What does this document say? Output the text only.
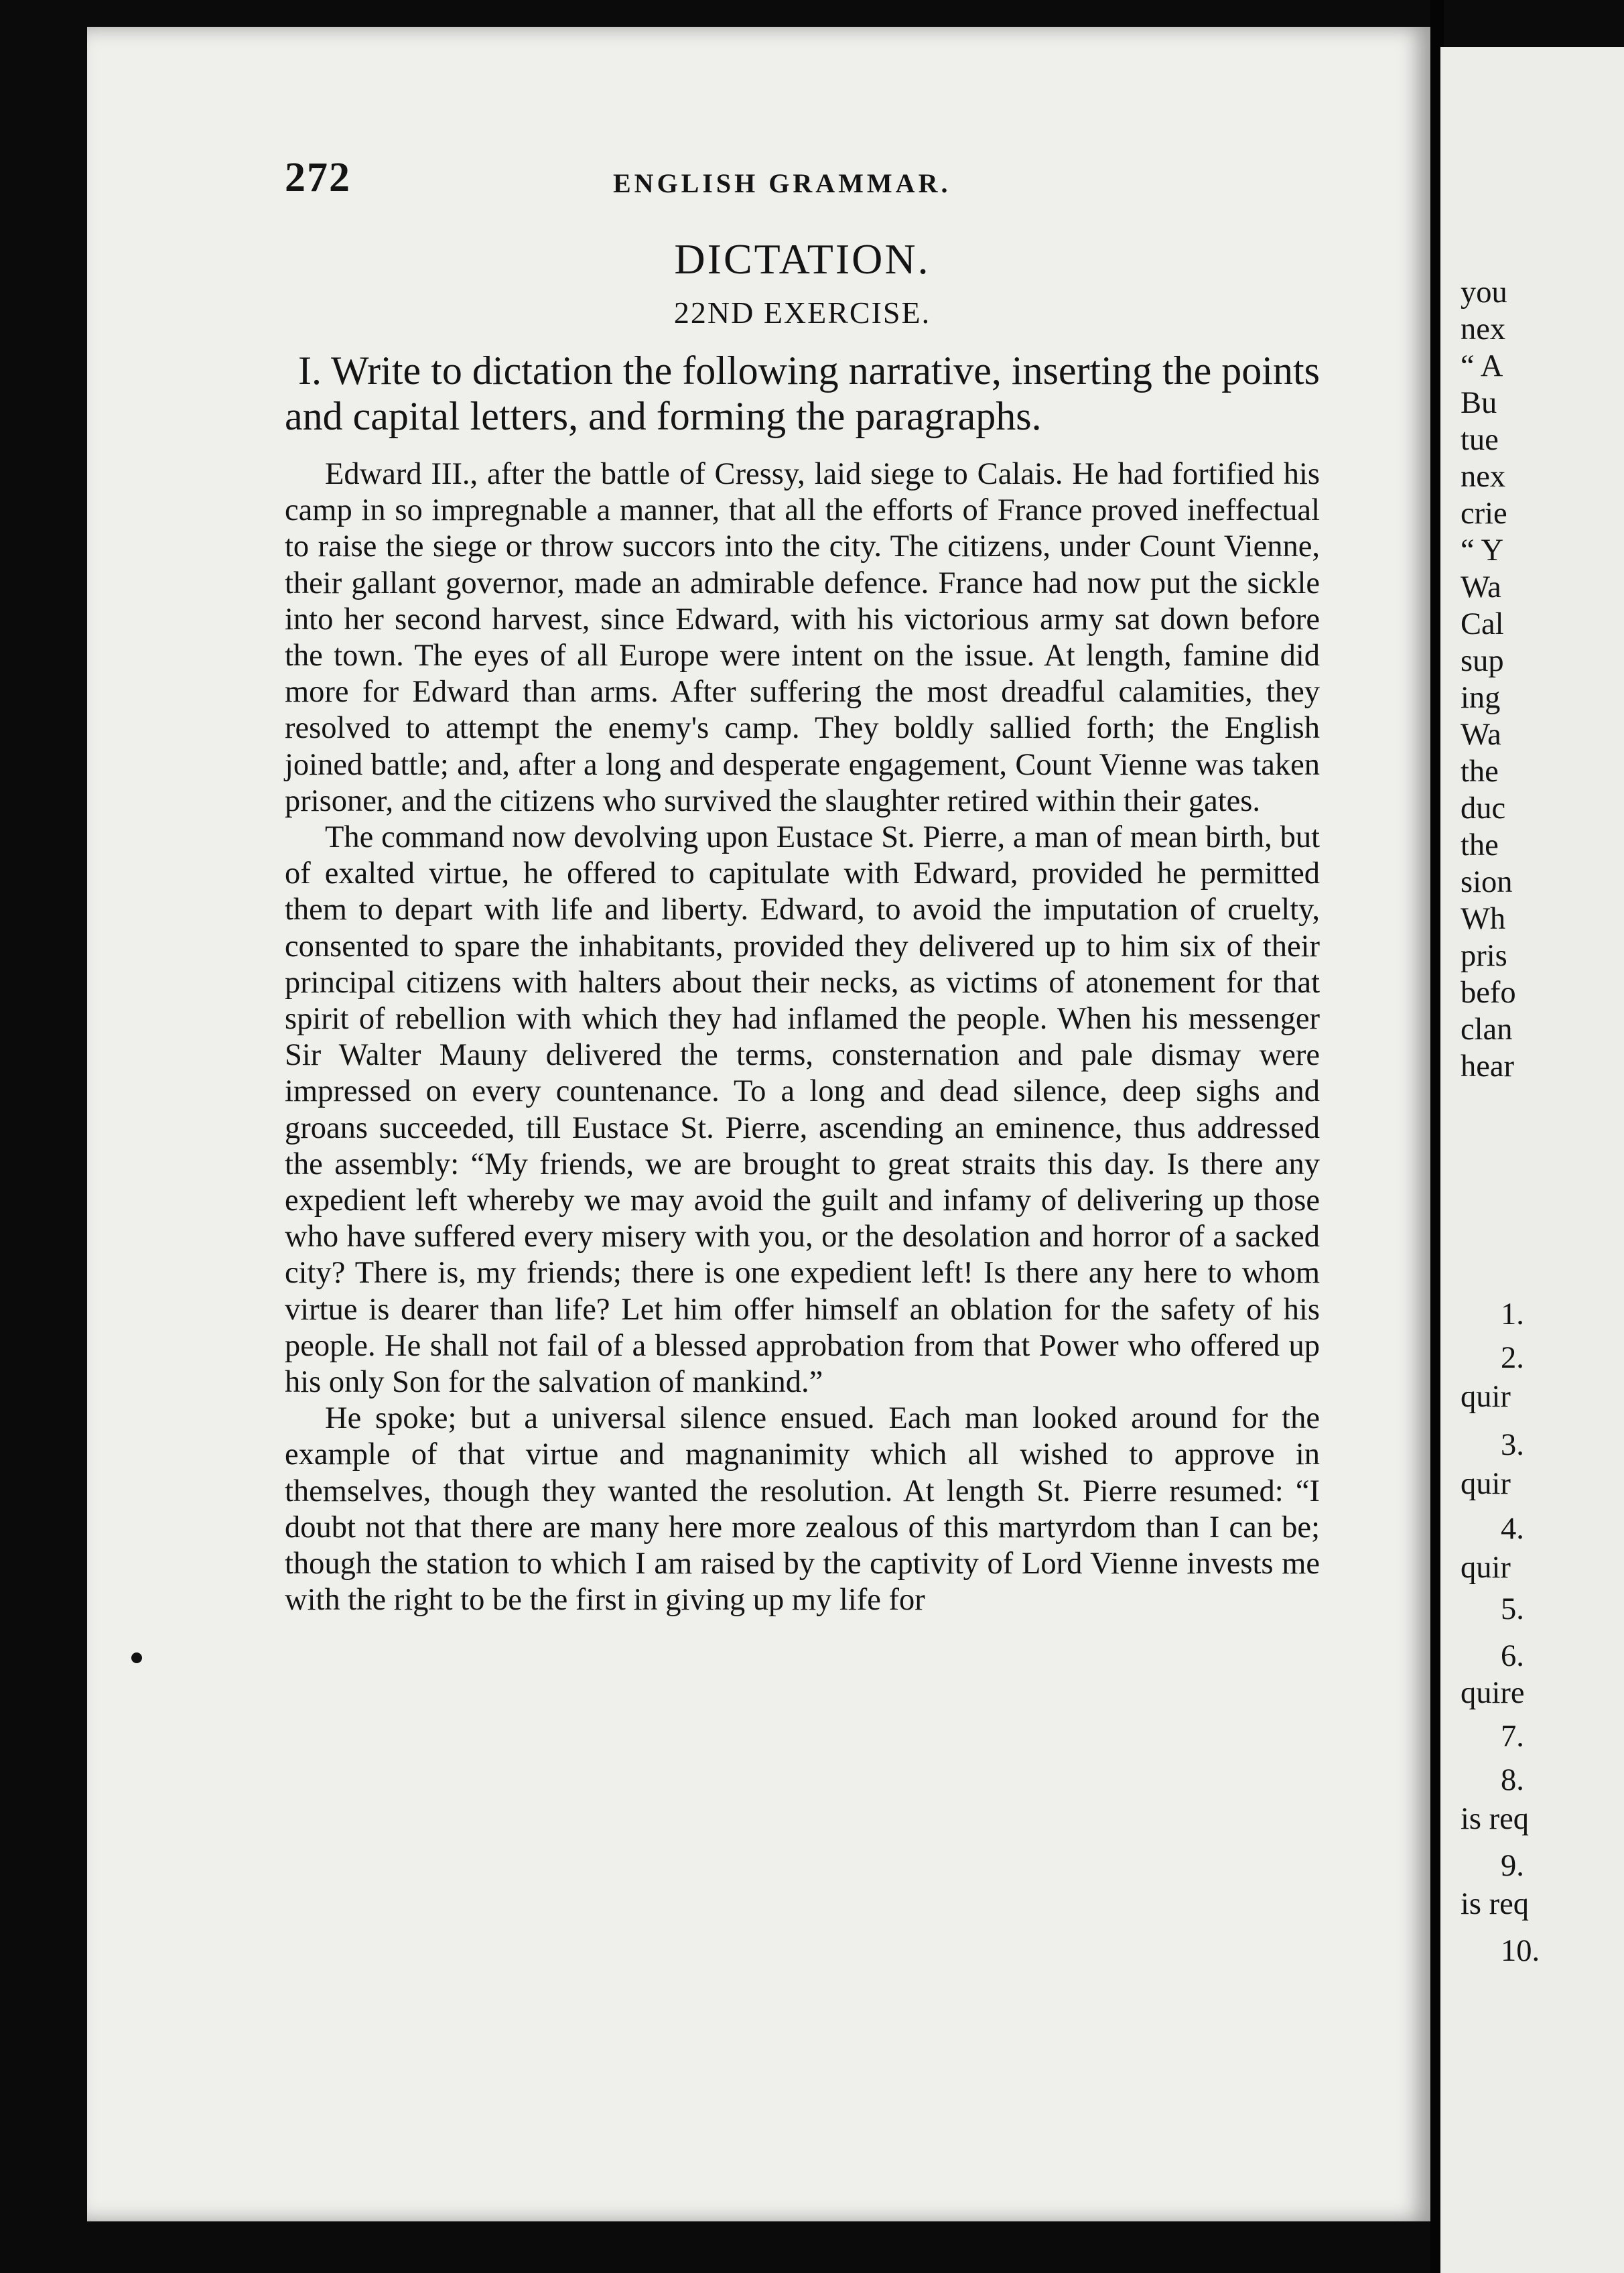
272	ENGLISH GRAMMAR.
DICTATION.
22ND EXERCISE.
I. Write to dictation the following narrative, inserting the points and capital letters, and forming the paragraphs.

Edward III., after the battle of Cressy, laid siege to Calais. He had fortified his camp in so impregnable a manner, that all the efforts of France proved ineffectual to raise the siege or throw succors into the city. The citizens, under Count Vienne, their gallant governor, made an admirable defence. France had now put the sickle into her second harvest, since Edward, with his victorious army sat down before the town. The eyes of all Europe were intent on the issue. At length, famine did more for Edward than arms. After suffering the most dreadful calamities, they resolved to attempt the enemy's camp. They boldly sallied forth; the English joined battle; and, after a long and desperate engagement, Count Vienne was taken prisoner, and the citizens who survived the slaughter retired within their gates.

The command now devolving upon Eustace St. Pierre, a man of mean birth, but of exalted virtue, he offered to capitulate with Edward, provided he permitted them to depart with life and liberty. Edward, to avoid the imputation of cruelty, consented to spare the inhabitants, provided they delivered up to him six of their principal citizens with halters about their necks, as victims of atonement for that spirit of rebellion with which they had inflamed the people. When his messenger Sir Walter Mauny delivered the terms, consternation and pale dismay were impressed on every countenance. To a long and dead silence, deep sighs and groans succeeded, till Eustace St. Pierre, ascending an eminence, thus addressed the assembly: “My friends, we are brought to great straits this day. Is there any expedient left whereby we may avoid the guilt and infamy of delivering up those who have suffered every misery with you, or the desolation and horror of a sacked city? There is, my friends; there is one expedient left! Is there any here to whom virtue is dearer than life? Let him offer himself an oblation for the safety of his people. He shall not fail of a blessed approbation from that Power who offered up his only Son for the salvation of mankind.”

He spoke; but a universal silence ensued. Each man looked around for the example of that virtue and magnanimity which all wished to approve in themselves, though they wanted the resolution. At length St. Pierre resumed: “I doubt not that there are many here more zealous of this martyrdom than I can be; though the station to which I am raised by the captivity of Lord Vienne invests me with the right to be the first in giving up my life for

you
nex
“ A
Bu
tue
nex
crie
“ Y
Wa
Cal
sup
ing
Wa
the
duc
the
sion
Wh
pris
befo
clan
hear
1.
2.
quir
3.
quir
4.
quir
5.
6.
quire
7.
8.
is req
9.
is req
10.
